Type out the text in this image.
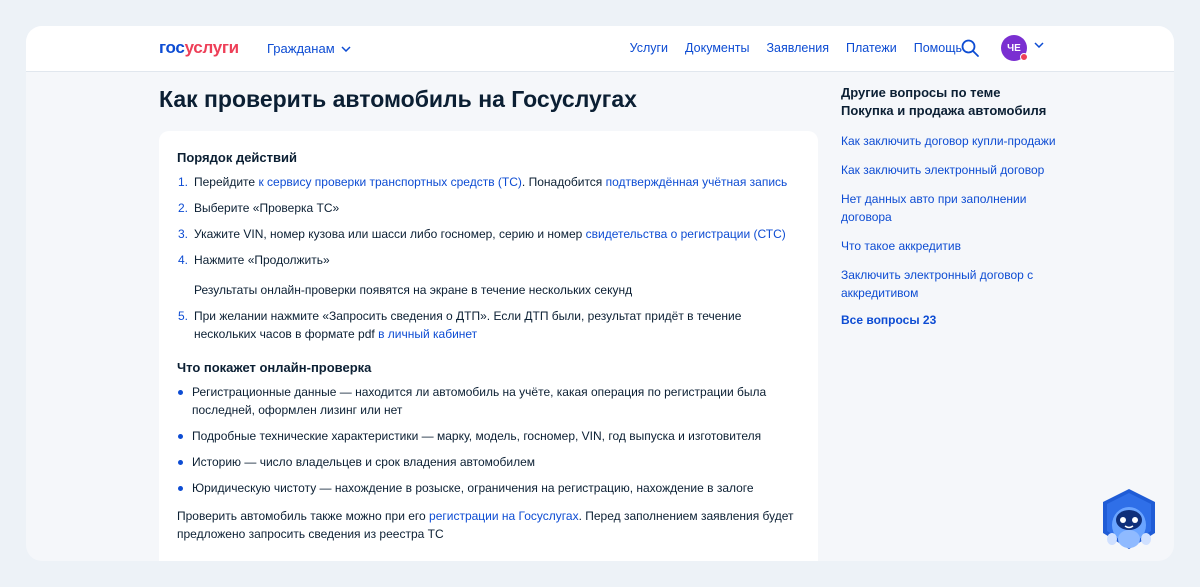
госуслуги Гражданам	Услуги Документы Заявления Платежи Помощь	ЧЕ
Как проверить автомобиль на Госуслугах
Порядок действий
1. Перейдите к сервису проверки транспортных средств (ТС). Понадобится подтверждённая учётная запись
2. Выберите «Проверка ТС»
3. Укажите VIN, номер кузова или шасси либо госномер, серию и номер свидетельства о регистрации (СТС)
4. Нажмите «Продолжить»
Результаты онлайн-проверки появятся на экране в течение нескольких секунд
5. При желании нажмите «Запросить сведения о ДТП». Если ДТП были, результат придёт в течение нескольких часов в формате pdf в личный кабинет
Что покажет онлайн-проверка
Регистрационные данные — находится ли автомобиль на учёте, какая операция по регистрации была последней, оформлен лизинг или нет
Подробные технические характеристики — марку, модель, госномер, VIN, год выпуска и изготовителя
Историю — число владельцев и срок владения автомобилем
Юридическую чистоту — нахождение в розыске, ограничения на регистрацию, нахождение в залоге

Проверить автомобиль также можно при его регистрации на Госуслугах. Перед заполнением заявления будет предложено запросить сведения из реестра ТС

Другие вопросы по теме Покупка и продажа автомобиля
Как заключить договор купли-продажи
Как заключить электронный договор
Нет данных авто при заполнении договора
Что такое аккредитив
Заключить электронный договор с аккредитивом
Все вопросы 23
